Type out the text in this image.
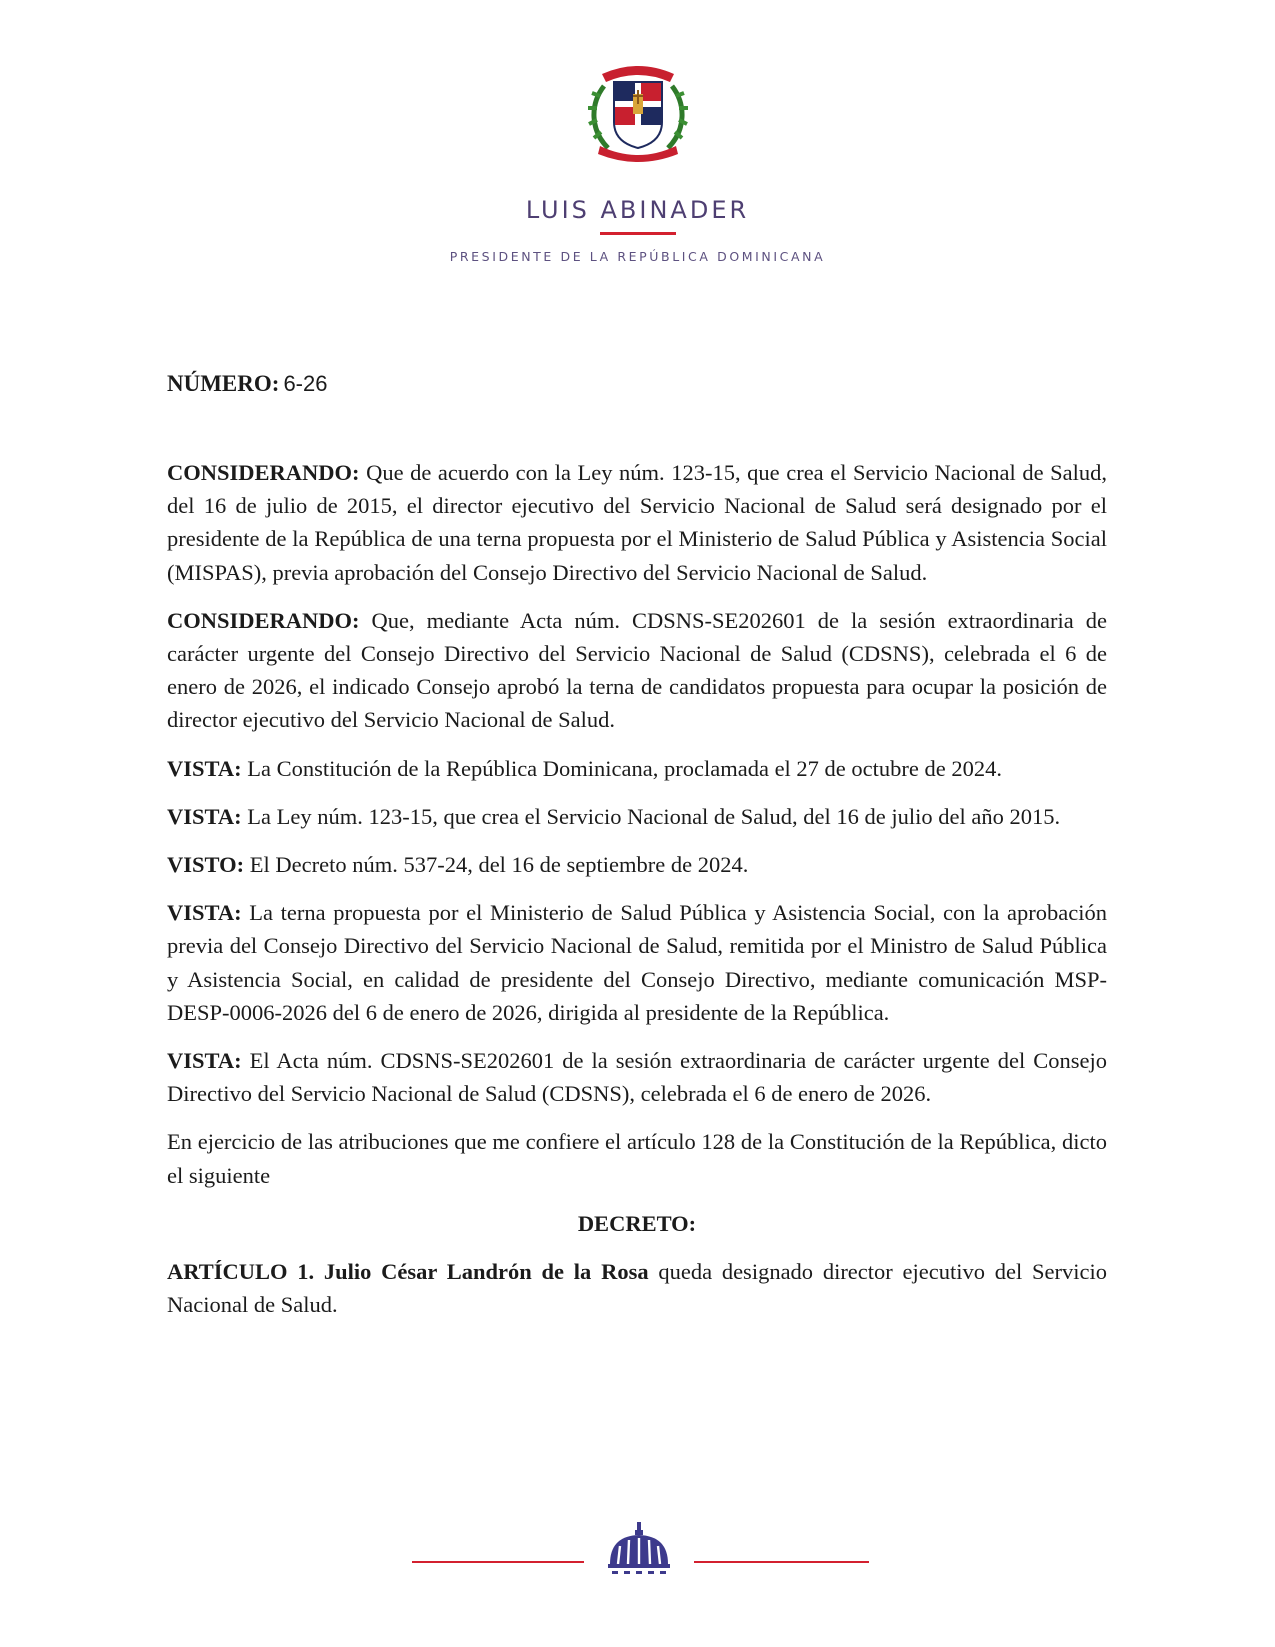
LUIS ABINADER
PRESIDENTE DE LA REPÚBLICA DOMINICANA
NÚMERO: 6-26

CONSIDERANDO: Que de acuerdo con la Ley núm. 123-15, que crea el Servicio Nacional de Salud, del 16 de julio de 2015, el director ejecutivo del Servicio Nacional de Salud será designado por el presidente de la República de una terna propuesta por el Ministerio de Salud Pública y Asistencia Social (MISPAS), previa aprobación del Consejo Directivo del Servicio Nacional de Salud.

CONSIDERANDO: Que, mediante Acta núm. CDSNS-SE202601 de la sesión extraordinaria de carácter urgente del Consejo Directivo del Servicio Nacional de Salud (CDSNS), celebrada el 6 de enero de 2026, el indicado Consejo aprobó la terna de candidatos propuesta para ocupar la posición de director ejecutivo del Servicio Nacional de Salud.

VISTA: La Constitución de la República Dominicana, proclamada el 27 de octubre de 2024.

VISTA: La Ley núm. 123-15, que crea el Servicio Nacional de Salud, del 16 de julio del año 2015.

VISTO: El Decreto núm. 537-24, del 16 de septiembre de 2024.

VISTA: La terna propuesta por el Ministerio de Salud Pública y Asistencia Social, con la aprobación previa del Consejo Directivo del Servicio Nacional de Salud, remitida por el Ministro de Salud Pública y Asistencia Social, en calidad de presidente del Consejo Directivo, mediante comunicación MSP-DESP-0006-2026 del 6 de enero de 2026, dirigida al presidente de la República.

VISTA: El Acta núm. CDSNS-SE202601 de la sesión extraordinaria de carácter urgente del Consejo Directivo del Servicio Nacional de Salud (CDSNS), celebrada el 6 de enero de 2026.

En ejercicio de las atribuciones que me confiere el artículo 128 de la Constitución de la República, dicto el siguiente

DECRETO:

ARTÍCULO 1. Julio César Landrón de la Rosa queda designado director ejecutivo del Servicio Nacional de Salud.
